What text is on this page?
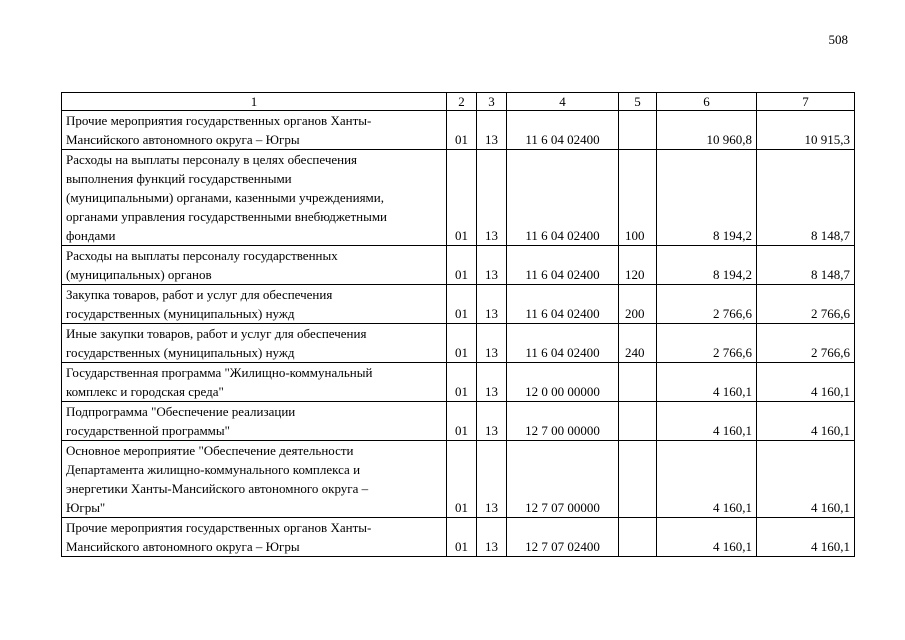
508
1	2	3	4	5	6	7
Прочие мероприятия государственных органов Ханты-
Мансийского автономного округа – Югры	01	13	11 6 04 02400		10 960,8	10 915,3
Расходы на выплаты персоналу в целях обеспечения
выполнения функций государственными
(муниципальными) органами, казенными учреждениями,
органами управления государственными внебюджетными
фондами	01	13	11 6 04 02400	100	8 194,2	8 148,7
Расходы на выплаты персоналу государственных
(муниципальных) органов	01	13	11 6 04 02400	120	8 194,2	8 148,7
Закупка товаров, работ и услуг для обеспечения
государственных (муниципальных) нужд	01	13	11 6 04 02400	200	2 766,6	2 766,6
Иные закупки товаров, работ и услуг для обеспечения
государственных (муниципальных) нужд	01	13	11 6 04 02400	240	2 766,6	2 766,6
Государственная программа "Жилищно-коммунальный
комплекс и городская среда"	01	13	12 0 00 00000		4 160,1	4 160,1
Подпрограмма "Обеспечение реализации
государственной программы"	01	13	12 7 00 00000		4 160,1	4 160,1
Основное мероприятие "Обеспечение деятельности
Департамента жилищно-коммунального комплекса и
энергетики Ханты-Мансийского автономного округа –
Югры"	01	13	12 7 07 00000		4 160,1	4 160,1
Прочие мероприятия государственных органов Ханты-
Мансийского автономного округа – Югры	01	13	12 7 07 02400		4 160,1	4 160,1
